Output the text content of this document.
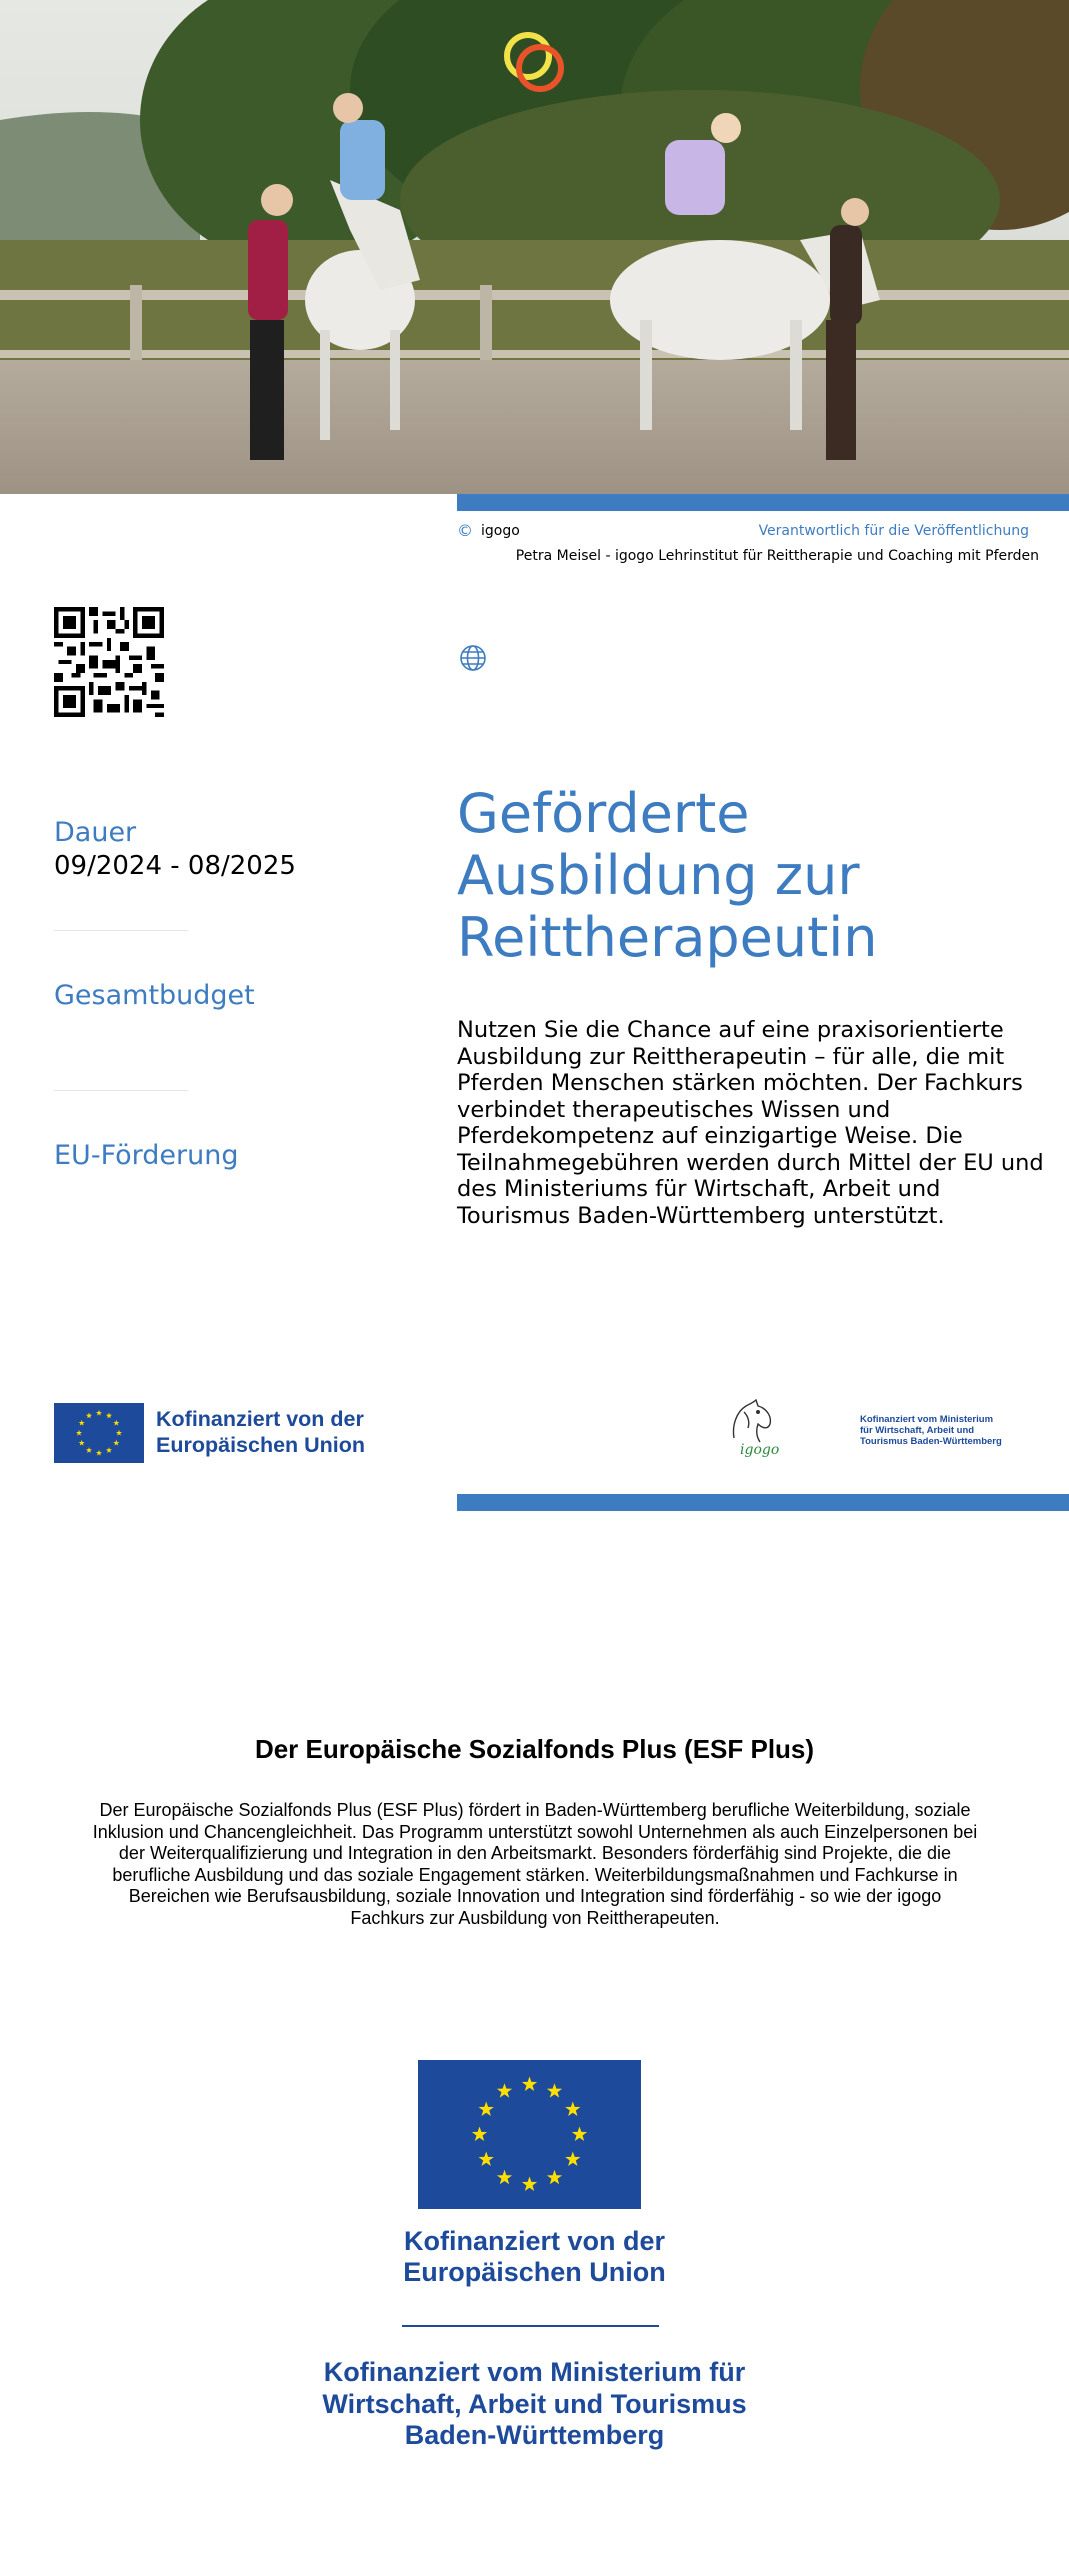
© igogo	Verantwortlich für die Veröffentlichung
Petra Meisel - igogo Lehrinstitut für Reittherapie und Coaching mit Pferden
Dauer
09/2024 - 08/2025
Gesamtbudget
EU-Förderung
Geförderte
Ausbildung zur
Reittherapeutin

Nutzen Sie die Chance auf eine praxisorientierte Ausbildung zur Reittherapeutin – für alle, die mit Pferden Menschen stärken möchten. Der Fachkurs verbindet therapeutisches Wissen und Pferdekompetenz auf einzigartige Weise. Die Teilnahmegebühren werden durch Mittel der EU und des Ministeriums für Wirtschaft, Arbeit und Tourismus Baden-Württemberg unterstützt.

Kofinanziert von der
Europäischen Union	igogo
Kofinanziert vom Ministerium
für Wirtschaft, Arbeit und
Tourismus Baden-Württemberg
Der Europäische Sozialfonds Plus (ESF Plus)

Der Europäische Sozialfonds Plus (ESF Plus) fördert in Baden-Württemberg berufliche Weiterbildung, soziale Inklusion und Chancengleichheit. Das Programm unterstützt sowohl Unternehmen als auch Einzelpersonen bei der Weiterqualifizierung und Integration in den Arbeitsmarkt. Besonders förderfähig sind Projekte, die die berufliche Ausbildung und das soziale Engagement stärken. Weiterbildungsmaßnahmen und Fachkurse in Bereichen wie Berufsausbildung, soziale Innovation und Integration sind förderfähig - so wie der igogo Fachkurs zur Ausbildung von Reittherapeuten.

Kofinanziert von der
Europäischen Union
Kofinanziert vom Ministerium für
Wirtschaft, Arbeit und Tourismus
Baden-Württemberg
